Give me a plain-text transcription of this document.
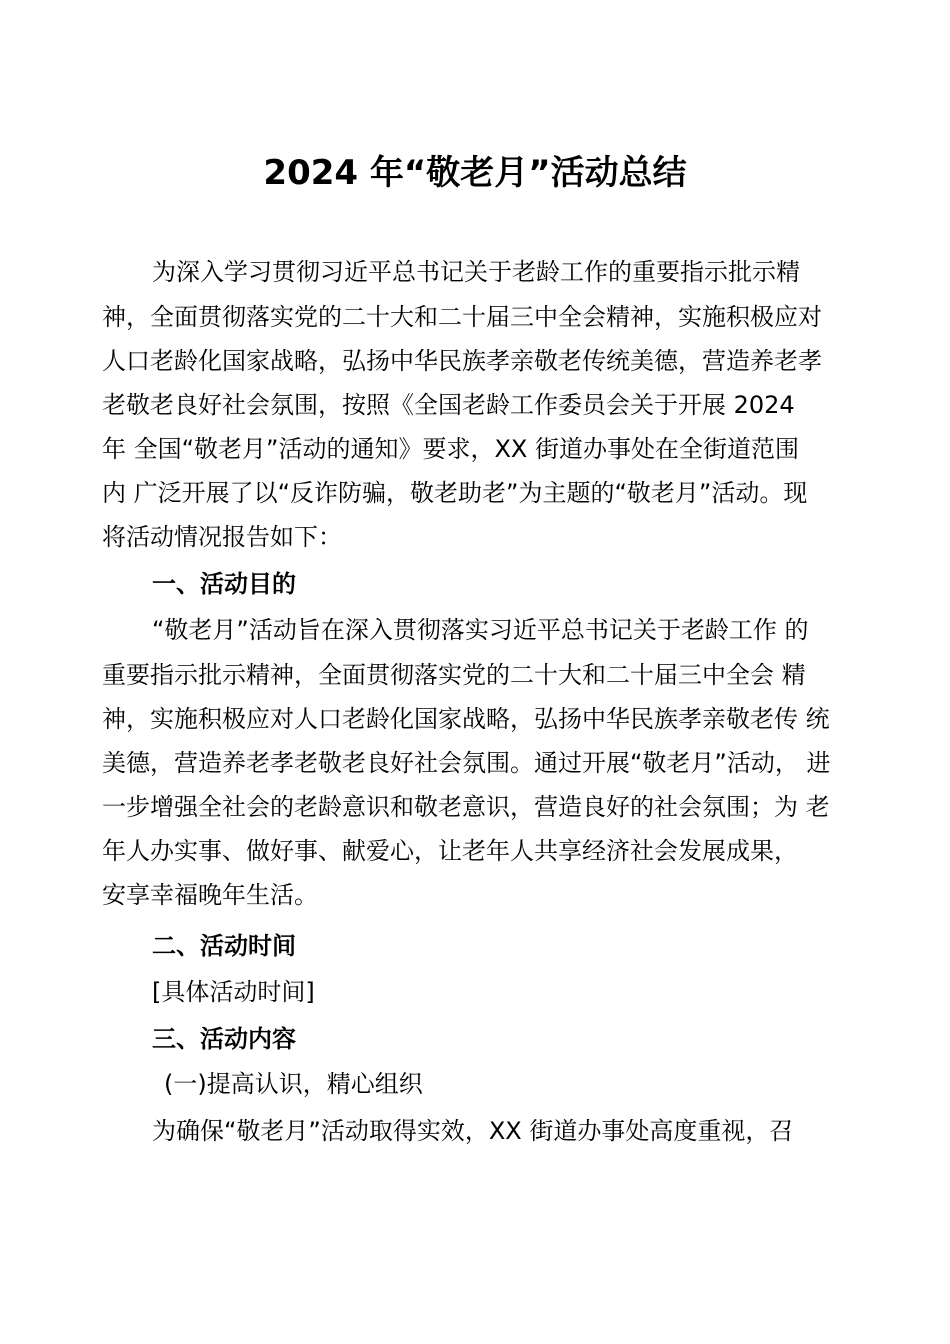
2024 年“敬老月”活动总结
为深入学习贯彻习近平总书记关于老龄工作的重要指示批示精
神，全面贯彻落实党的二十大和二十届三中全会精神，实施积极应对
人口老龄化国家战略，弘扬中华民族孝亲敬老传统美德，营造养老孝
老敬老良好社会氛围，按照《全国老龄工作委员会关于开展 2024
年 全国“敬老月”活动的通知》要求，XX 街道办事处在全街道范围
内 广泛开展了以“反诈防骗，敬老助老”为主题的“敬老月”活动。现
将活动情况报告如下：
一、活动目的
“敬老月”活动旨在深入贯彻落实习近平总书记关于老龄工作 的
重要指示批示精神，全面贯彻落实党的二十大和二十届三中全会 精
神，实施积极应对人口老龄化国家战略，弘扬中华民族孝亲敬老传 统
美德，营造养老孝老敬老良好社会氛围。通过开展“敬老月”活动， 进
一步增强全社会的老龄意识和敬老意识，营造良好的社会氛围；为 老
年人办实事、做好事、献爱心，让老年人共享经济社会发展成果，
安享幸福晚年生活。
二、活动时间
[具体活动时间]
三、活动内容
(一)提高认识，精心组织
为确保“敬老月”活动取得实效，XX 街道办事处高度重视，召
